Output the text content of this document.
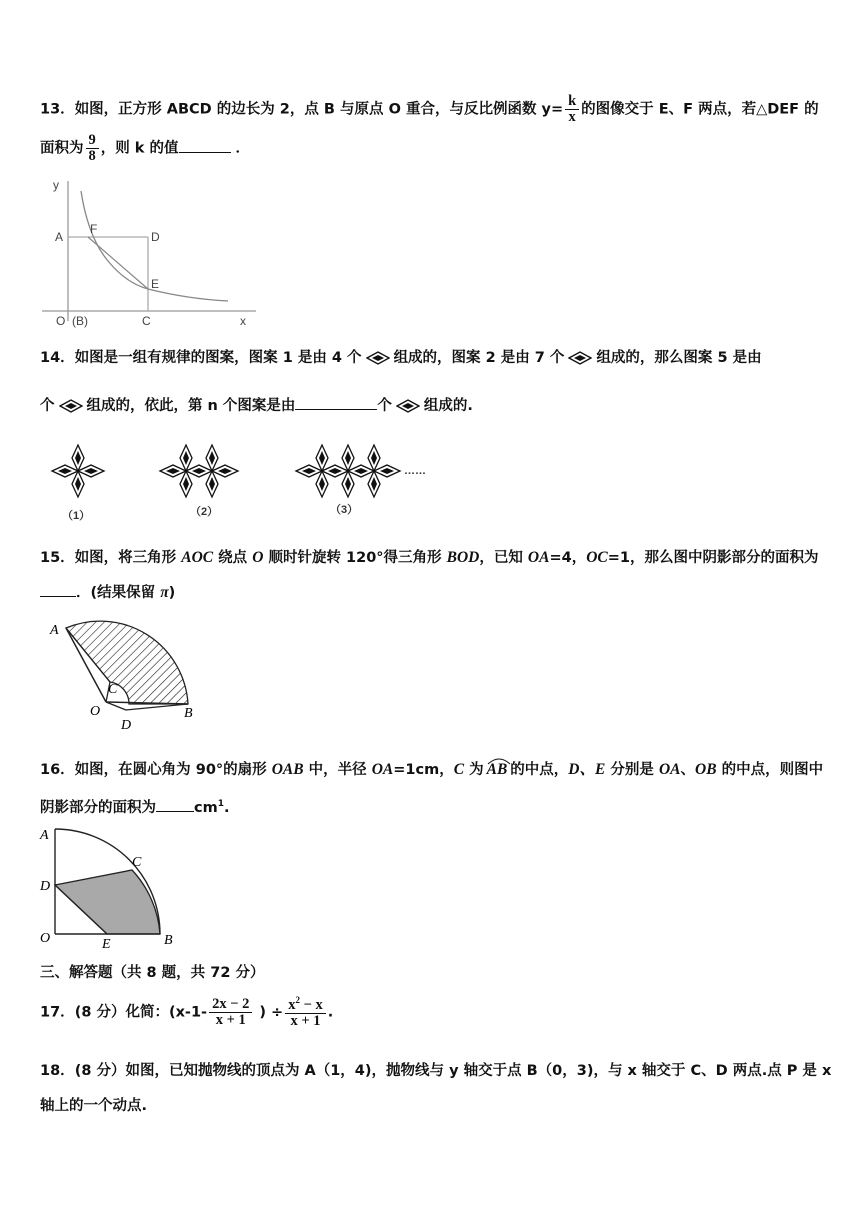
13．如图，正方形 ABCD 的边长为 2，点 B 与原点 O 重合，与反比例函数 $y= \frac{k}{x}$ 的图像交于 E、F 两点，若△DEF 的
面积为 $\frac{9}{8}$ ，则 k 的值	．
y
A
F
D
E
O (B)	C	x
14．如图是一组有规律的图案，图案 1 是由 4 个 组成的，图案 2 是由 7 个 组成的，那么图案 5 是由
个 组成的，依此，第 n 个图案是由	个 组成的.
……
（1）	（2）	（3）
15．如图，将三角形 AOC 绕点 O 顺时针旋转 120°得三角形 BOD，已知 OA=4，OC=1，那么图中阴影部分的面积为
．(结果保留 π)
A
C
O
D
B
16．如图，在圆心角为 90°的扇形 OAB 中，半径 OA=1cm，C 为 AB 的中点，D、E 分别是 OA、OB 的中点，则图中
阴影部分的面积为	$cm^1$.
A
C
D
O	E	B
三、解答题（共 8 题，共 72 分）
17．(8 分）化简：($x-1- \frac{2x - 2}{x + 1}$ ) ÷ $\frac{x^2 - x}{x + 1}$ .
18．(8 分）如图，已知抛物线的顶点为 A（1，4)，抛物线与 y 轴交于点 B（0，3)，与 x 轴交于 C、D 两点.点 P 是 x
轴上的一个动点.
